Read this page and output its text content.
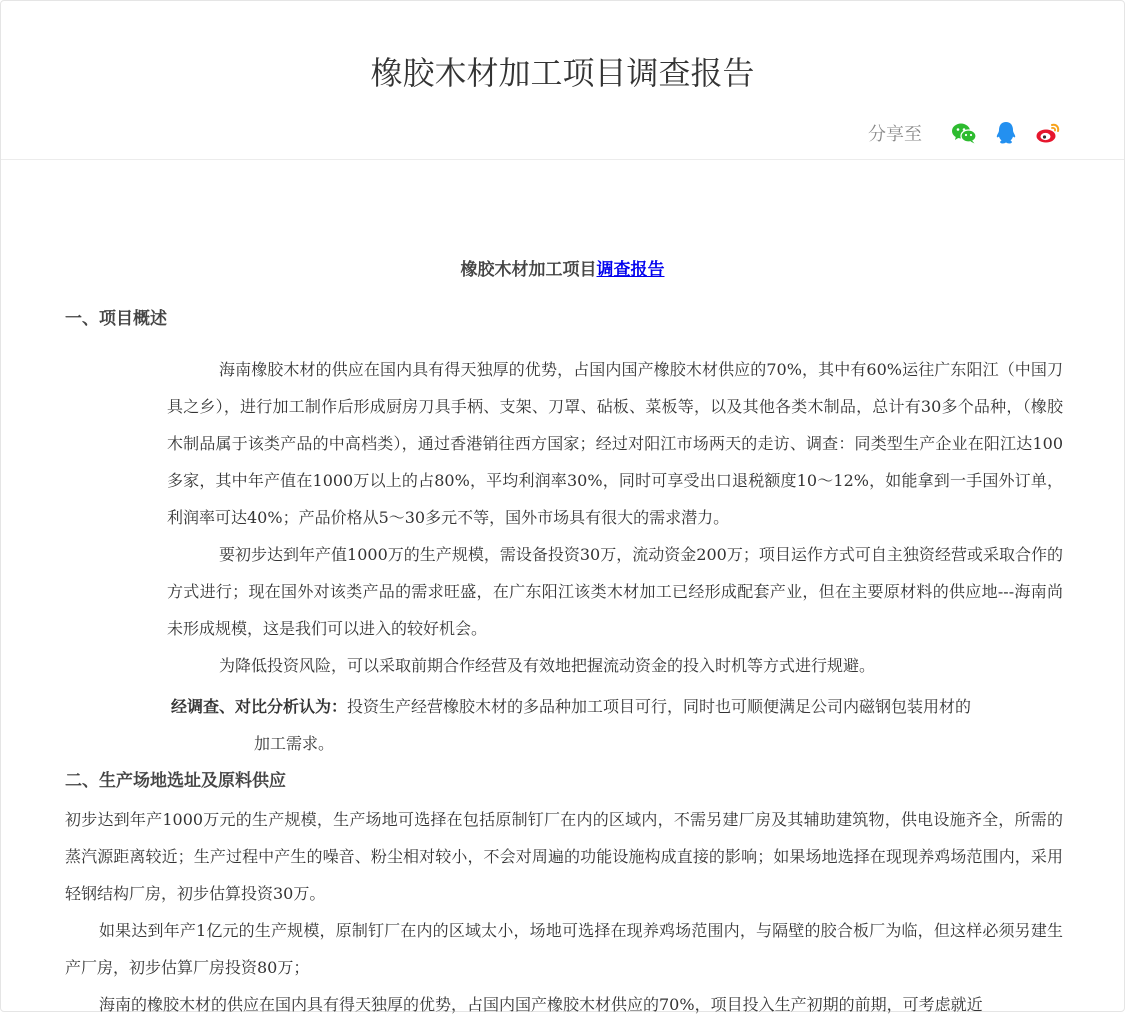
橡胶木材加工项目调查报告
分享至
橡胶木材加工项目调查报告
一、项目概述

海南橡胶木材的供应在国内具有得天独厚的优势，占国内国产橡胶木材供应的70%，其中有60%运往广东阳江（中国刀具之乡），进行加工制作后形成厨房刀具手柄、支架、刀罩、砧板、菜板等，以及其他各类木制品，总计有30多个品种，（橡胶木制品属于该类产品的中高档类），通过香港销往西方国家；经过对阳江市场两天的走访、调查：同类型生产企业在阳江达100多家，其中年产值在1000万以上的占80%，平均利润率30%，同时可享受出口退税额度10～12%，如能拿到一手国外订单，利润率可达40%；产品价格从5～30多元不等，国外市场具有很大的需求潜力。

要初步达到年产值1000万的生产规模，需设备投资30万，流动资金200万；项目运作方式可自主独资经营或采取合作的方式进行；现在国外对该类产品的需求旺盛，在广东阳江该类木材加工已经形成配套产业，但在主要原材料的供应地---海南尚未形成规模，这是我们可以进入的较好机会。

为降低投资风险，可以采取前期合作经营及有效地把握流动资金的投入时机等方式进行规避。

经调查、对比分析认为：投资生产经营橡胶木材的多品种加工项目可行，同时也可顺便满足公司内磁钢包装用材的
加工需求。
二、生产场地选址及原料供应

初步达到年产1000万元的生产规模，生产场地可选择在包括原制钉厂在内的区域内，不需另建厂房及其辅助建筑物，供电设施齐全，所需的蒸汽源距离较近；生产过程中产生的噪音、粉尘相对较小，不会对周遍的功能设施构成直接的影响；如果场地选择在现现养鸡场范围内，采用轻钢结构厂房，初步估算投资30万。

如果达到年产1亿元的生产规模，原制钉厂在内的区域太小，场地可选择在现养鸡场范围内，与隔壁的胶合板厂为临，但这样必须另建生产厂房，初步估算厂房投资80万；

海南的橡胶木材的供应在国内具有得天独厚的优势，占国内国产橡胶木材供应的70%，项目投入生产初期的前期，可考虑就近
